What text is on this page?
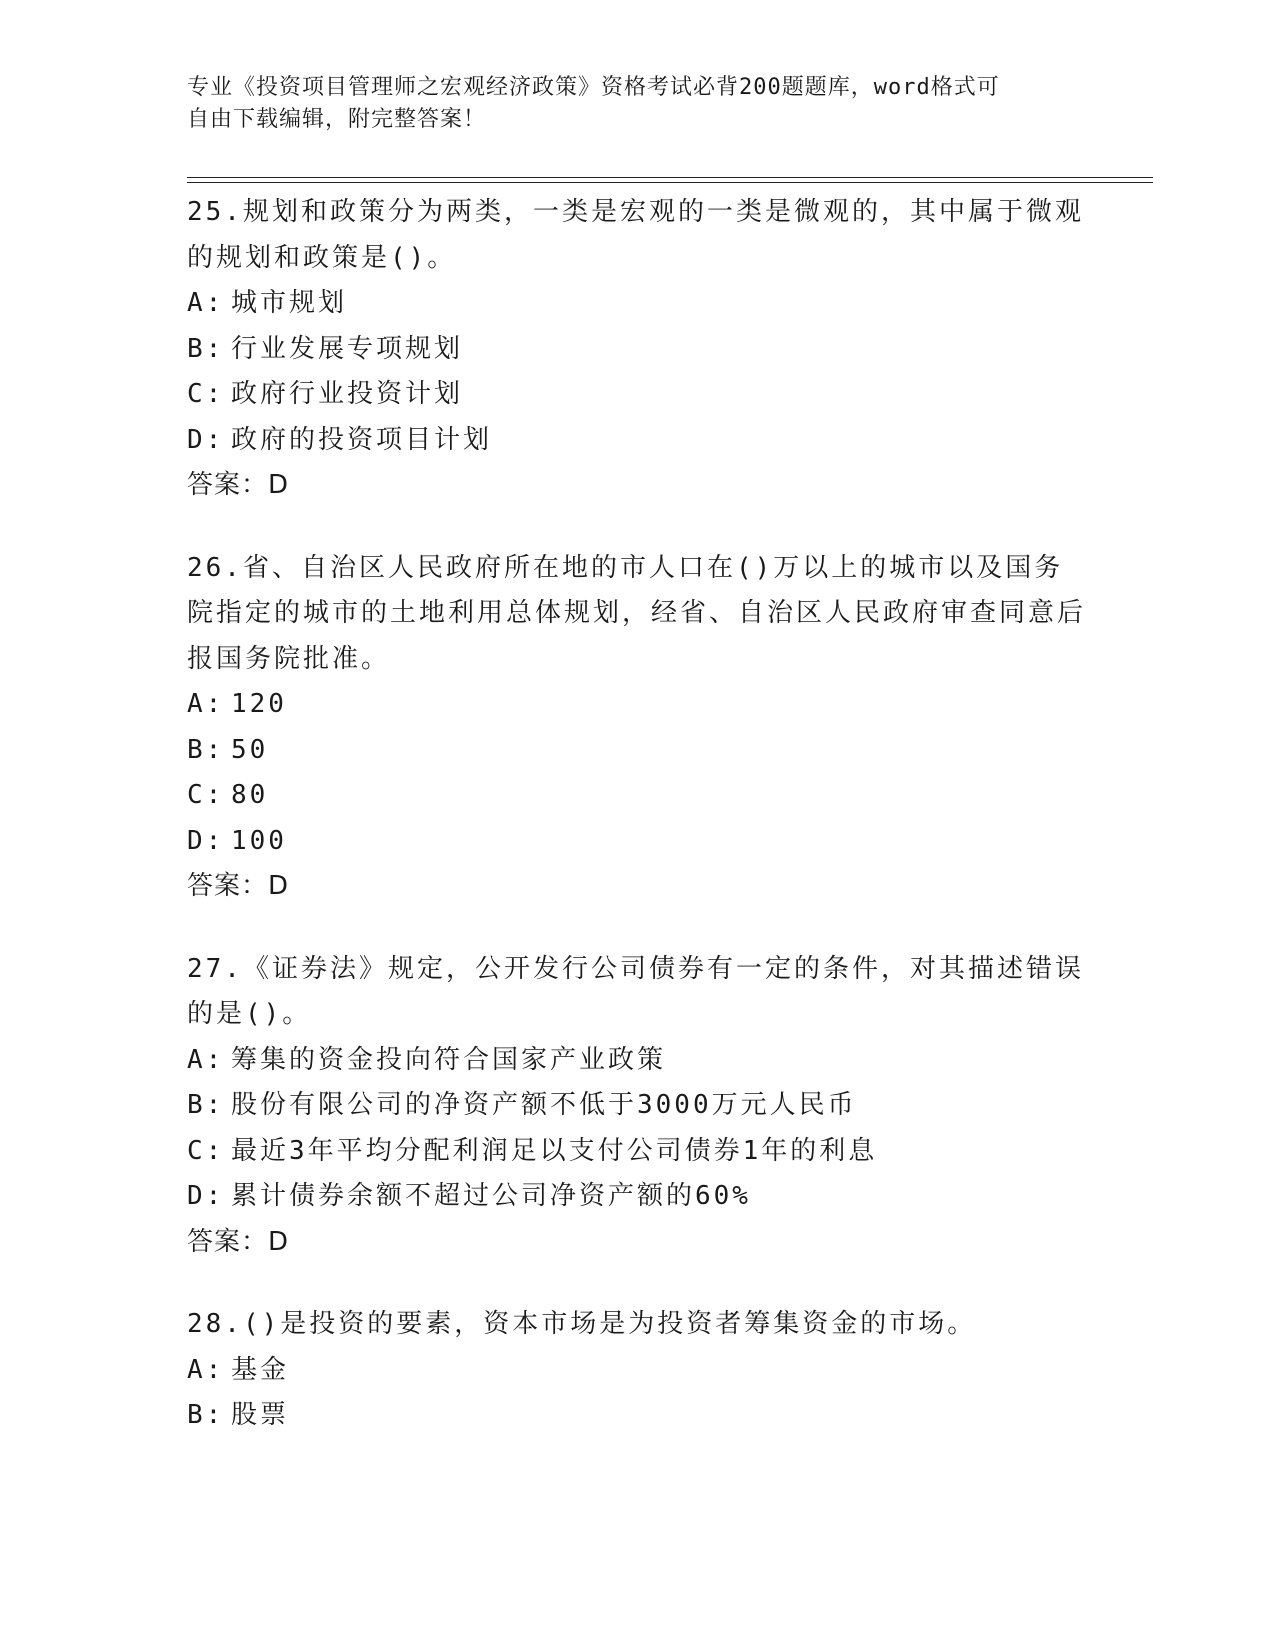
专业《投资项目管理师之宏观经济政策》资格考试必背200题题库，word格式可
自由下载编辑，附完整答案！
25.规划和政策分为两类，一类是宏观的一类是微观的，其中属于微观的规划和政策是()。
A: 城市规划
B: 行业发展专项规划
C: 政府行业投资计划
D: 政府的投资项目计划
答案：D
26.省、自治区人民政府所在地的市人口在()万以上的城市以及国务院指定的城市的土地利用总体规划，经省、自治区人民政府审查同意后报国务院批准。
A: 120
B: 50
C: 80
D: 100
答案：D
27.《证券法》规定，公开发行公司债券有一定的条件，对其描述错误的是()。
A: 筹集的资金投向符合国家产业政策
B: 股份有限公司的净资产额不低于3000万元人民币
C: 最近3年平均分配利润足以支付公司债券1年的利息
D: 累计债券余额不超过公司净资产额的60%
答案：D
28.()是投资的要素，资本市场是为投资者筹集资金的市场。
A: 基金
B: 股票
